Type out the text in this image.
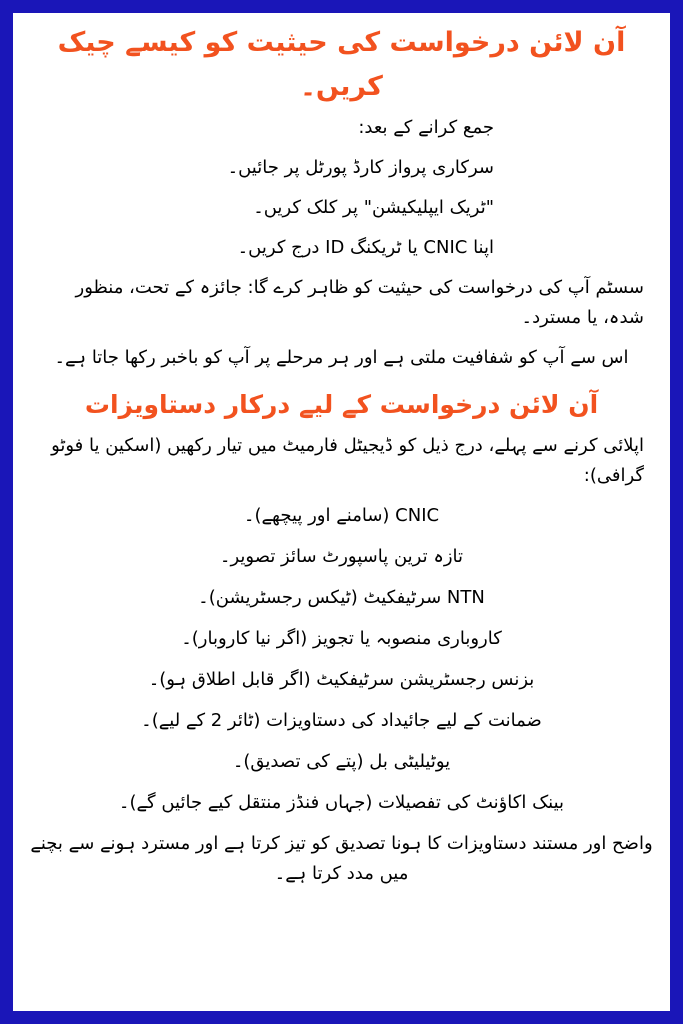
آن لائن درخواست کی حیثیت کو کیسے چیک کریں۔
جمع کرانے کے بعد:
سرکاری پرواز کارڈ پورٹل پر جائیں۔
"ٹریک ایپلیکیشن" پر کلک کریں۔
اپنا CNIC یا ٹریکنگ ID درج کریں۔
سسٹم آپ کی درخواست کی حیثیت کو ظاہر کرے گا: جائزہ کے تحت، منظور شدہ، یا مسترد۔
اس سے آپ کو شفافیت ملتی ہے اور ہر مرحلے پر آپ کو باخبر رکھا جاتا ہے۔
آن لائن درخواست کے لیے درکار دستاویزات
اپلائی کرنے سے پہلے، درج ذیل کو ڈیجیٹل فارمیٹ میں تیار رکھیں (اسکین یا فوٹو گرافی):
CNIC (سامنے اور پیچھے)۔
تازہ ترین پاسپورٹ سائز تصویر۔
NTN سرٹیفکیٹ (ٹیکس رجسٹریشن)۔
کاروباری منصوبہ یا تجویز (اگر نیا کاروبار)۔
بزنس رجسٹریشن سرٹیفکیٹ (اگر قابل اطلاق ہو)۔
ضمانت کے لیے جائیداد کی دستاویزات (ٹائر 2 کے لیے)۔
یوٹیلیٹی بل (پتے کی تصدیق)۔
بینک اکاؤنٹ کی تفصیلات (جہاں فنڈز منتقل کیے جائیں گے)۔
واضح اور مستند دستاویزات کا ہونا تصدیق کو تیز کرتا ہے اور مسترد ہونے سے بچنے میں مدد کرتا ہے۔
